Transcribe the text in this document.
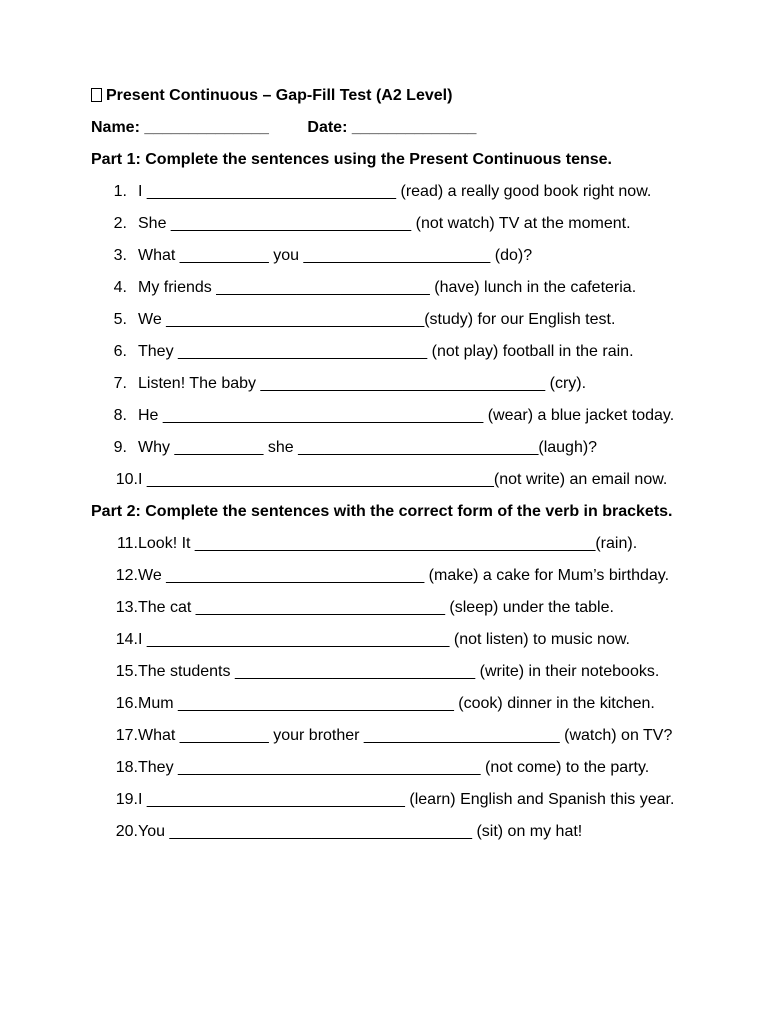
Present Continuous – Gap-Fill Test (A2 Level)
Name: ______________ Date: ______________
Part 1: Complete the sentences using the Present Continuous tense.
1. I ____________________________ (read) a really good book right now.
2. She ___________________________ (not watch) TV at the moment.
3. What __________ you _____________________ (do)?
4. My friends ________________________ (have) lunch in the cafeteria.
5. We _____________________________(study) for our English test.
6. They ____________________________ (not play) football in the rain.
7. Listen! The baby ________________________________ (cry).
8. He ____________________________________ (wear) a blue jacket today.
9. Why __________ she ___________________________(laugh)?
10.I _______________________________________(not write) an email now.
Part 2: Complete the sentences with the correct form of the verb in brackets.
11.Look! It _____________________________________________(rain).
12.We _____________________________ (make) a cake for Mum’s birthday.
13.The cat ____________________________ (sleep) under the table.
14.I __________________________________ (not listen) to music now.
15.The students ___________________________ (write) in their notebooks.
16.Mum _______________________________ (cook) dinner in the kitchen.
17.What __________ your brother ______________________ (watch) on TV?
18.They __________________________________ (not come) to the party.
19.I _____________________________ (learn) English and Spanish this year.
20.You __________________________________ (sit) on my hat!
